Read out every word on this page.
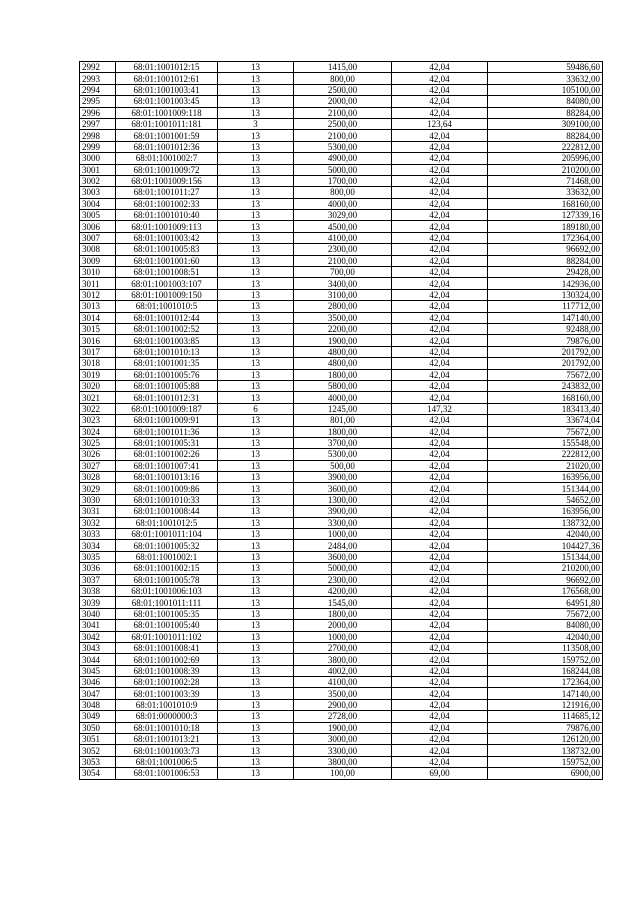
2992	68:01:1001012:15	13	1415,00	42,04	59486,60
2993	68:01:1001012:61	13	800,00	42,04	33632,00
2994	68:01:1001003:41	13	2500,00	42,04	105100,00
2995	68:01:1001003:45	13	2000,00	42,04	84080,00
2996	68:01:1001009:118	13	2100,00	42,04	88284,00
2997	68:01:1001011:181	3	2500,00	123,64	309100,00
2998	68:01:1001001:59	13	2100,00	42,04	88284,00
2999	68:01:1001012:36	13	5300,00	42,04	222812,00
3000	68:01:1001002:7	13	4900,00	42,04	205996,00
3001	68:01:1001009:72	13	5000,00	42,04	210200,00
3002	68:01:1001009:156	13	1700,00	42,04	71468,00
3003	68:01:1001011:27	13	800,00	42,04	33632,00
3004	68:01:1001002:33	13	4000,00	42,04	168160,00
3005	68:01:1001010:40	13	3029,00	42,04	127339,16
3006	68:01:1001009:113	13	4500,00	42,04	189180,00
3007	68:01:1001003:42	13	4100,00	42,04	172364,00
3008	68:01:1001005:83	13	2300,00	42,04	96692,00
3009	68:01:1001001:60	13	2100,00	42,04	88284,00
3010	68:01:1001008:51	13	700,00	42,04	29428,00
3011	68:01:1001003:107	13	3400,00	42,04	142936,00
3012	68:01:1001009:150	13	3100,00	42,04	130324,00
3013	68:01:1001010:5	13	2800,00	42,04	117712,00
3014	68:01:1001012:44	13	3500,00	42,04	147140,00
3015	68:01:1001002:52	13	2200,00	42,04	92488,00
3016	68:01:1001003:85	13	1900,00	42,04	79876,00
3017	68:01:1001010:13	13	4800,00	42,04	201792,00
3018	68:01:1001001:35	13	4800,00	42,04	201792,00
3019	68:01:1001005:76	13	1800,00	42,04	75672,00
3020	68:01:1001005:88	13	5800,00	42,04	243832,00
3021	68:01:1001012:31	13	4000,00	42,04	168160,00
3022	68:01:1001009:187	6	1245,00	147,32	183413,40
3023	68:01:1001009:91	13	801,00	42,04	33674,04
3024	68:01:1001011:36	13	1800,00	42,04	75672,00
3025	68:01:1001005:31	13	3700,00	42,04	155548,00
3026	68:01:1001002:26	13	5300,00	42,04	222812,00
3027	68:01:1001007:41	13	500,00	42,04	21020,00
3028	68:01:1001013:16	13	3900,00	42,04	163956,00
3029	68:01:1001009:86	13	3600,00	42,04	151344,00
3030	68:01:1001010:33	13	1300,00	42,04	54652,00
3031	68:01:1001008:44	13	3900,00	42,04	163956,00
3032	68:01:1001012:5	13	3300,00	42,04	138732,00
3033	68:01:1001011:104	13	1000,00	42,04	42040,00
3034	68:01:1001005:32	13	2484,00	42,04	104427,36
3035	68:01:1001002:1	13	3600,00	42,04	151344,00
3036	68:01:1001002:15	13	5000,00	42,04	210200,00
3037	68:01:1001005:78	13	2300,00	42,04	96692,00
3038	68:01:1001006:103	13	4200,00	42,04	176568,00
3039	68:01:1001011:111	13	1545,00	42,04	64951,80
3040	68:01:1001005:35	13	1800,00	42,04	75672,00
3041	68:01:1001005:40	13	2000,00	42,04	84080,00
3042	68:01:1001011:102	13	1000,00	42,04	42040,00
3043	68:01:1001008:41	13	2700,00	42,04	113508,00
3044	68:01:1001002:69	13	3800,00	42,04	159752,00
3045	68:01:1001008:39	13	4002,00	42,04	168244,08
3046	68:01:1001002:28	13	4100,00	42,04	172364,00
3047	68:01:1001003:39	13	3500,00	42,04	147140,00
3048	68:01:1001010:9	13	2900,00	42,04	121916,00
3049	68:01:0000000:3	13	2728,00	42,04	114685,12
3050	68:01:1001010:18	13	1900,00	42,04	79876,00
3051	68:01:1001013:21	13	3000,00	42,04	126120,00
3052	68:01:1001003:73	13	3300,00	42,04	138732,00
3053	68:01:1001006:5	13	3800,00	42,04	159752,00
3054	68:01:1001006:53	13	100,00	69,00	6900,00
